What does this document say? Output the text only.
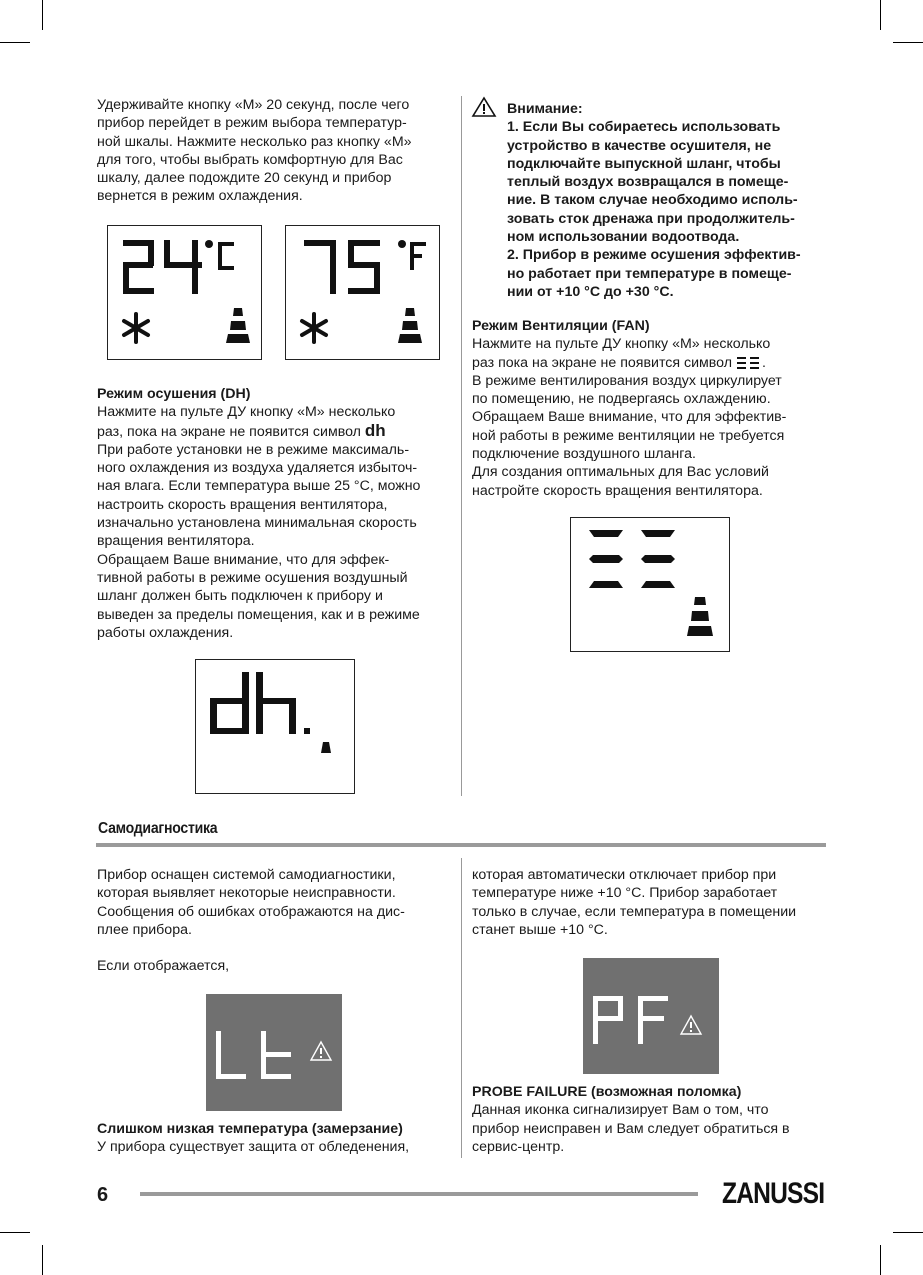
Удерживайте кнопку «М» 20 секунд, после чего

прибор перейдет в режим выбора температур-

ной шкалы. Нажмите несколько раз кнопку «М»

для того, чтобы выбрать комфортную для Вас

шкалу, далее подождите 20 секунд и прибор

вернется в режим охлаждения.

Режим осушения (DH)

Нажмите на пульте ДУ кнопку «М» несколько

раз, пока на экране не появится символ dh

При работе установки не в режиме максималь-

ного охлаждения из воздуха удаляется избыточ-

ная влага. Если температура выше 25 °C, можно

настроить скорость вращения вентилятора,

изначально установлена минимальная скорость

вращения вентилятора.

Обращаем Ваше внимание, что для эффек-

тивной работы в режиме осушения воздушный

шланг должен быть подключен к прибору и

выведен за пределы помещения, как и в режиме

работы охлаждения.

Внимание:

1. Если Вы собираетесь использовать

устройство в качестве осушителя, не

подключайте выпускной шланг, чтобы

теплый воздух возвращался в помеще-

ние. В таком случае необходимо исполь-

зовать сток дренажа при продолжитель-

ном использовании водоотвода.

2. Прибор в режиме осушения эффектив-

но работает при температуре в помеще-

нии от +10 °C до +30 °C.

Режим Вентиляции (FAN)

Нажмите на пульте ДУ кнопку «М» несколько

раз пока на экране не появится символ .

В режиме вентилирования воздух циркулирует

по помещению, не подвергаясь охлаждению.

Обращаем Ваше внимание, что для эффектив-

ной работы в режиме вентиляции не требуется

подключение воздушного шланга.

Для создания оптимальных для Вас условий

настройте скорость вращения вентилятора.

Самодиагностика

Прибор оснащен системой самодиагностики,

которая выявляет некоторые неисправности.

Сообщения об ошибках отображаются на дис-

плее прибора.

Если отображается,

Слишком низкая температура (замерзание)

У прибора существует защита от обледенения,

которая автоматически отключает прибор при

температуре ниже +10 °C. Прибор заработает

только в случае, если температура в помещении

станет выше +10 °C.

PROBE FAILURE (возможная поломка)

Данная иконка сигнализирует Вам о том, что

прибор неисправен и Вам следует обратиться в

сервис-центр.

6	ZANUSSI
